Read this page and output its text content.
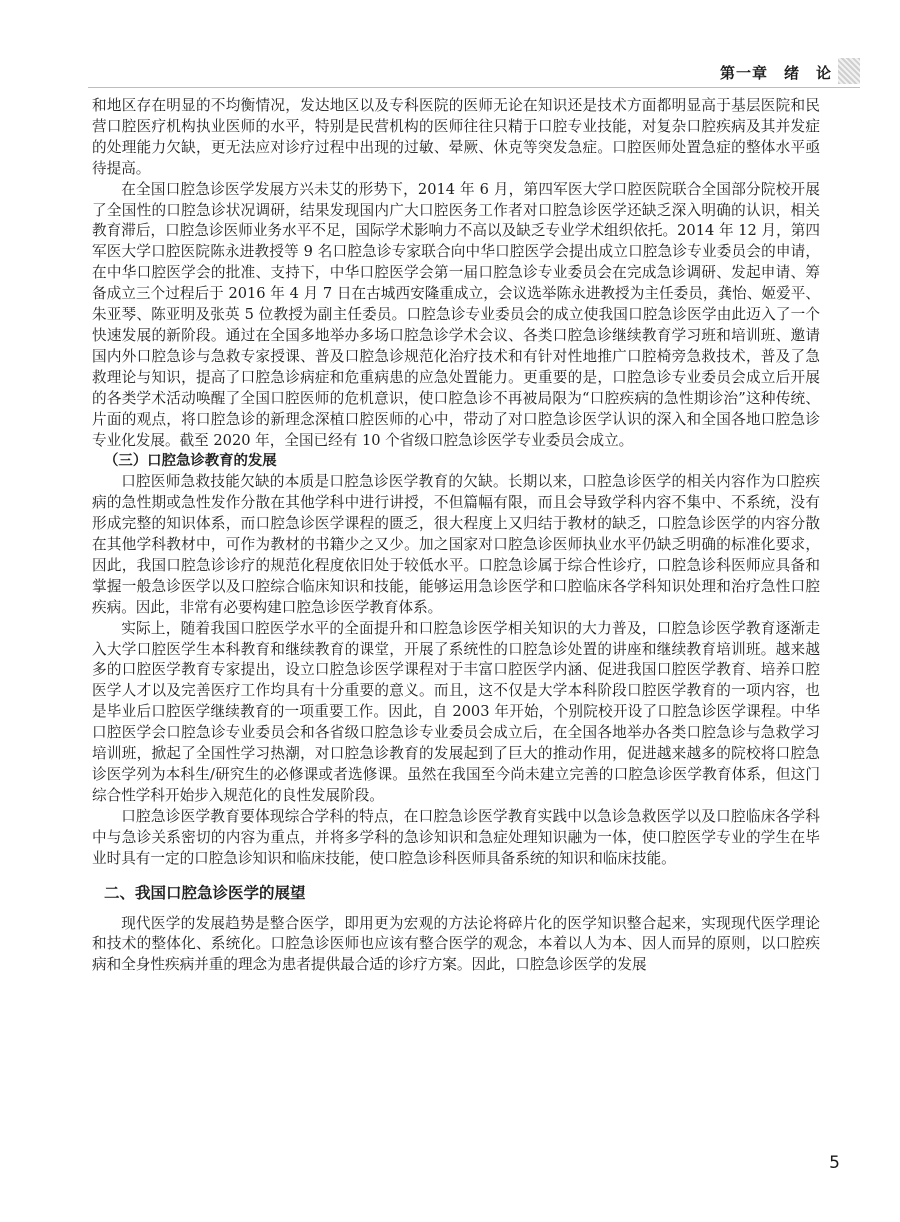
第一章　绪　论

和地区存在明显的不均衡情况，发达地区以及专科医院的医师无论在知识还是技术方面都明显高于基层医院和民营口腔医疗机构执业医师的水平，特别是民营机构的医师往往只精于口腔专业技能，对复杂口腔疾病及其并发症的处理能力欠缺，更无法应对诊疗过程中出现的过敏、晕厥、休克等突发急症。口腔医师处置急症的整体水平亟待提高。

在全国口腔急诊医学发展方兴未艾的形势下，2014 年 6 月，第四军医大学口腔医院联合全国部分院校开展了全国性的口腔急诊状况调研，结果发现国内广大口腔医务工作者对口腔急诊医学还缺乏深入明确的认识，相关教育滞后，口腔急诊医师业务水平不足，国际学术影响力不高以及缺乏专业学术组织依托。2014 年 12 月，第四军医大学口腔医院陈永进教授等 9 名口腔急诊专家联合向中华口腔医学会提出成立口腔急诊专业委员会的申请，在中华口腔医学会的批准、支持下，中华口腔医学会第一届口腔急诊专业委员会在完成急诊调研、发起申请、筹备成立三个过程后于 2016 年 4 月 7 日在古城西安隆重成立，会议选举陈永进教授为主任委员，龚怡、姬爱平、朱亚琴、陈亚明及张英 5 位教授为副主任委员。口腔急诊专业委员会的成立使我国口腔急诊医学由此迈入了一个快速发展的新阶段。通过在全国多地举办多场口腔急诊学术会议、各类口腔急诊继续教育学习班和培训班、邀请国内外口腔急诊与急救专家授课、普及口腔急诊规范化治疗技术和有针对性地推广口腔椅旁急救技术，普及了急救理论与知识，提高了口腔急诊病症和危重病患的应急处置能力。更重要的是，口腔急诊专业委员会成立后开展的各类学术活动唤醒了全国口腔医师的危机意识，使口腔急诊不再被局限为“口腔疾病的急性期诊治”这种传统、片面的观点，将口腔急诊的新理念深植口腔医师的心中，带动了对口腔急诊医学认识的深入和全国各地口腔急诊专业化发展。截至 2020 年，全国已经有 10 个省级口腔急诊医学专业委员会成立。

（三）口腔急诊教育的发展

口腔医师急救技能欠缺的本质是口腔急诊医学教育的欠缺。长期以来，口腔急诊医学的相关内容作为口腔疾病的急性期或急性发作分散在其他学科中进行讲授，不但篇幅有限，而且会导致学科内容不集中、不系统，没有形成完整的知识体系，而口腔急诊医学课程的匮乏，很大程度上又归结于教材的缺乏，口腔急诊医学的内容分散在其他学科教材中，可作为教材的书籍少之又少。加之国家对口腔急诊医师执业水平仍缺乏明确的标准化要求，因此，我国口腔急诊诊疗的规范化程度依旧处于较低水平。口腔急诊属于综合性诊疗，口腔急诊科医师应具备和掌握一般急诊医学以及口腔综合临床知识和技能，能够运用急诊医学和口腔临床各学科知识处理和治疗急性口腔疾病。因此，非常有必要构建口腔急诊医学教育体系。

实际上，随着我国口腔医学水平的全面提升和口腔急诊医学相关知识的大力普及，口腔急诊医学教育逐渐走入大学口腔医学生本科教育和继续教育的课堂，开展了系统性的口腔急诊处置的讲座和继续教育培训班。越来越多的口腔医学教育专家提出，设立口腔急诊医学课程对于丰富口腔医学内涵、促进我国口腔医学教育、培养口腔医学人才以及完善医疗工作均具有十分重要的意义。而且，这不仅是大学本科阶段口腔医学教育的一项内容，也是毕业后口腔医学继续教育的一项重要工作。因此，自 2003 年开始，个别院校开设了口腔急诊医学课程。中华口腔医学会口腔急诊专业委员会和各省级口腔急诊专业委员会成立后，在全国各地举办各类口腔急诊与急救学习培训班，掀起了全国性学习热潮，对口腔急诊教育的发展起到了巨大的推动作用，促进越来越多的院校将口腔急诊医学列为本科生/研究生的必修课或者选修课。虽然在我国至今尚未建立完善的口腔急诊医学教育体系，但这门综合性学科开始步入规范化的良性发展阶段。

口腔急诊医学教育要体现综合学科的特点，在口腔急诊医学教育实践中以急诊急救医学以及口腔临床各学科中与急诊关系密切的内容为重点，并将多学科的急诊知识和急症处理知识融为一体，使口腔医学专业的学生在毕业时具有一定的口腔急诊知识和临床技能，使口腔急诊科医师具备系统的知识和临床技能。

二、我国口腔急诊医学的展望

现代医学的发展趋势是整合医学，即用更为宏观的方法论将碎片化的医学知识整合起来，实现现代医学理论和技术的整体化、系统化。口腔急诊医师也应该有整合医学的观念，本着以人为本、因人而异的原则，以口腔疾病和全身性疾病并重的理念为患者提供最合适的诊疗方案。因此，口腔急诊医学的发展

5
